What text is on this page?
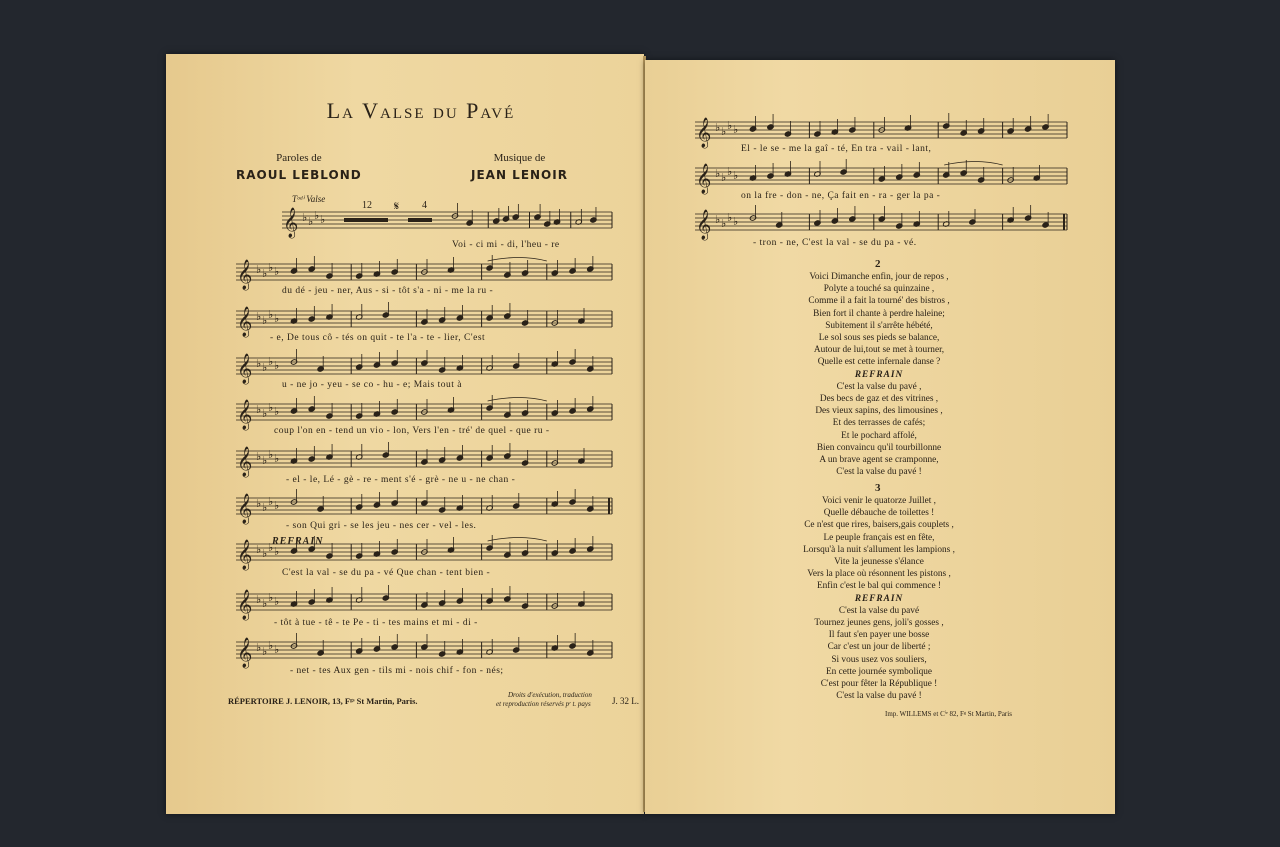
La Valse du Pavé
Paroles de
RAOUL LEBLOND
Musique de
JEAN LENOIR
Tᵒᵈⁱ Valse
𝄞 ♭ ♭ ♭ ♭
12	4
𝄋
𝄞 ♭ ♭ ♭ ♭
𝄞 ♭ ♭ ♭ ♭
𝄞 ♭ ♭ ♭ ♭
𝄞 ♭ ♭ ♭ ♭
𝄞 ♭ ♭ ♭ ♭
𝄞 ♭ ♭ ♭ ♭
𝄞 ♭ ♭ ♭ ♭
𝄞 ♭ ♭ ♭ ♭
𝄞 ♭ ♭ ♭ ♭
REFRAIN
RÉPERTOIRE J. LENOIR, 13, Fᵍˢ St Martin, Paris.
Droits d'exécution, traduction
et reproduction réservés pʳ t. pays J. 32 L.
Voi - ci mi - di, l'heu - re
du dé - jeu - ner, Aus - si - tôt s'a - ni - me la ru -
- e, De tous cô - tés on quit - te l'a - te - lier, C'est
u - ne jo - yeu - se co - hu - e; Mais tout à
coup l'on en - tend un vio - lon, Vers l'en - tré' de quel - que ru -
- el - le, Lé - gè - re - ment s'é - grè - ne u - ne chan -
- son Qui gri - se les jeu - nes cer - vel - les.
C'est la val - se du pa - vé Que chan - tent bien -
- tôt à tue - tê - te Pe - ti - tes mains et mi - di -
- net - tes Aux gen - tils mi - nois chif - fon - nés;
𝄞 ♭ ♭ ♭ ♭
𝄞 ♭ ♭ ♭ ♭
𝄞 ♭ ♭ ♭ ♭
2
Voici Dimanche enfin, jour de repos ,
Polyte a touché sa quinzaine ,
Comme il a fait la tourné' des bistros ,
Bien fort il chante à perdre haleine;
Subitement il s'arrête hébété,
Le sol sous ses pieds se balance,
Autour de lui,tout se met à tourner,
Quelle est cette infernale danse ?
REFRAIN
C'est la valse du pavé ,
Des becs de gaz et des vitrines ,
Des vieux sapins, des limousines ,
Et des terrasses de cafés;
Et le pochard affolé,
Bien convaincu qu'il tourbillonne
A un brave agent se cramponne,
C'est la valse du pavé !
3
Voici venir le quatorze Juillet ,
Quelle débauche de toilettes !
Ce n'est que rires, baisers,gais couplets ,
Le peuple français est en fête,
Lorsqu'à la nuit s'allument les lampions ,
Vite la jeunesse s'élance
Vers la place où résonnent les pistons ,
Enfin c'est le bal qui commence !
REFRAIN
C'est la valse du pavé
Tournez jeunes gens, joli's gosses ,
Il faut s'en payer une bosse
Car c'est un jour de liberté ;
Si vous usez vos souliers,
En cette journée symbolique
C'est pour fêter la République !
C'est la valse du pavé !
Imp. WILLEMS et Cⁱᵉ 82, Fᵍ St Martin, Paris
El - le se - me la gaî - té, En tra - vail - lant,
on la fre - don - ne, Ça fait en - ra - ger la pa -
- tron - ne, C'est la val - se du pa - vé.
